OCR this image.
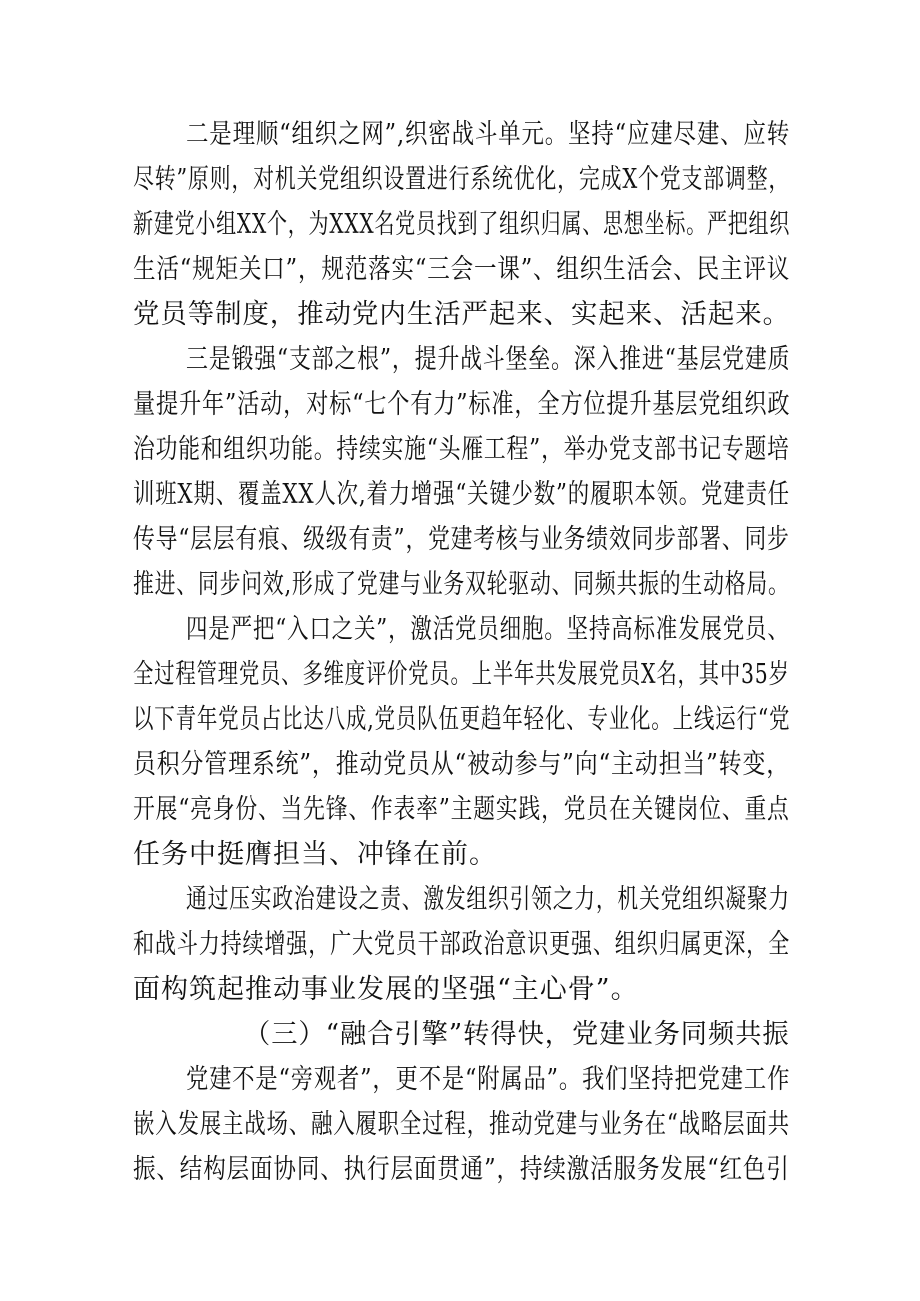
二是理顺“组织之网”,织密战斗单元。坚持“应建尽建、应转
尽转”原则，对机关党组织设置进行系统优化，完成X个党支部调整，
新建党小组XX个，为XXX名党员找到了组织归属、思想坐标。严把组织
生活“规矩关口”，规范落实“三会一课”、组织生活会、民主评议
党员等制度，推动党内生活严起来、实起来、活起来。
三是锻强“支部之根”，提升战斗堡垒。深入推进“基层党建质
量提升年”活动，对标“七个有力”标准，全方位提升基层党组织政
治功能和组织功能。持续实施“头雁工程”，举办党支部书记专题培
训班X期、覆盖XX人次,着力增强“关键少数”的履职本领。党建责任
传导“层层有痕、级级有责”，党建考核与业务绩效同步部署、同步
推进、同步问效,形成了党建与业务双轮驱动、同频共振的生动格局。
四是严把“入口之关”，激活党员细胞。坚持高标准发展党员、
全过程管理党员、多维度评价党员。上半年共发展党员X名，其中35岁
以下青年党员占比达八成,党员队伍更趋年轻化、专业化。上线运行“党
员积分管理系统”，推动党员从“被动参与”向“主动担当”转变，
开展“亮身份、当先锋、作表率”主题实践，党员在关键岗位、重点
任务中挺膺担当、冲锋在前。
通过压实政治建设之责、激发组织引领之力，机关党组织凝聚力
和战斗力持续增强，广大党员干部政治意识更强、组织归属更深，全
面构筑起推动事业发展的坚强“主心骨”。
（三）“融合引擎”转得快，党建业务同频共振
党建不是“旁观者”，更不是“附属品”。我们坚持把党建工作
嵌入发展主战场、融入履职全过程，推动党建与业务在“战略层面共
振、结构层面协同、执行层面贯通”，持续激活服务发展“红色引
